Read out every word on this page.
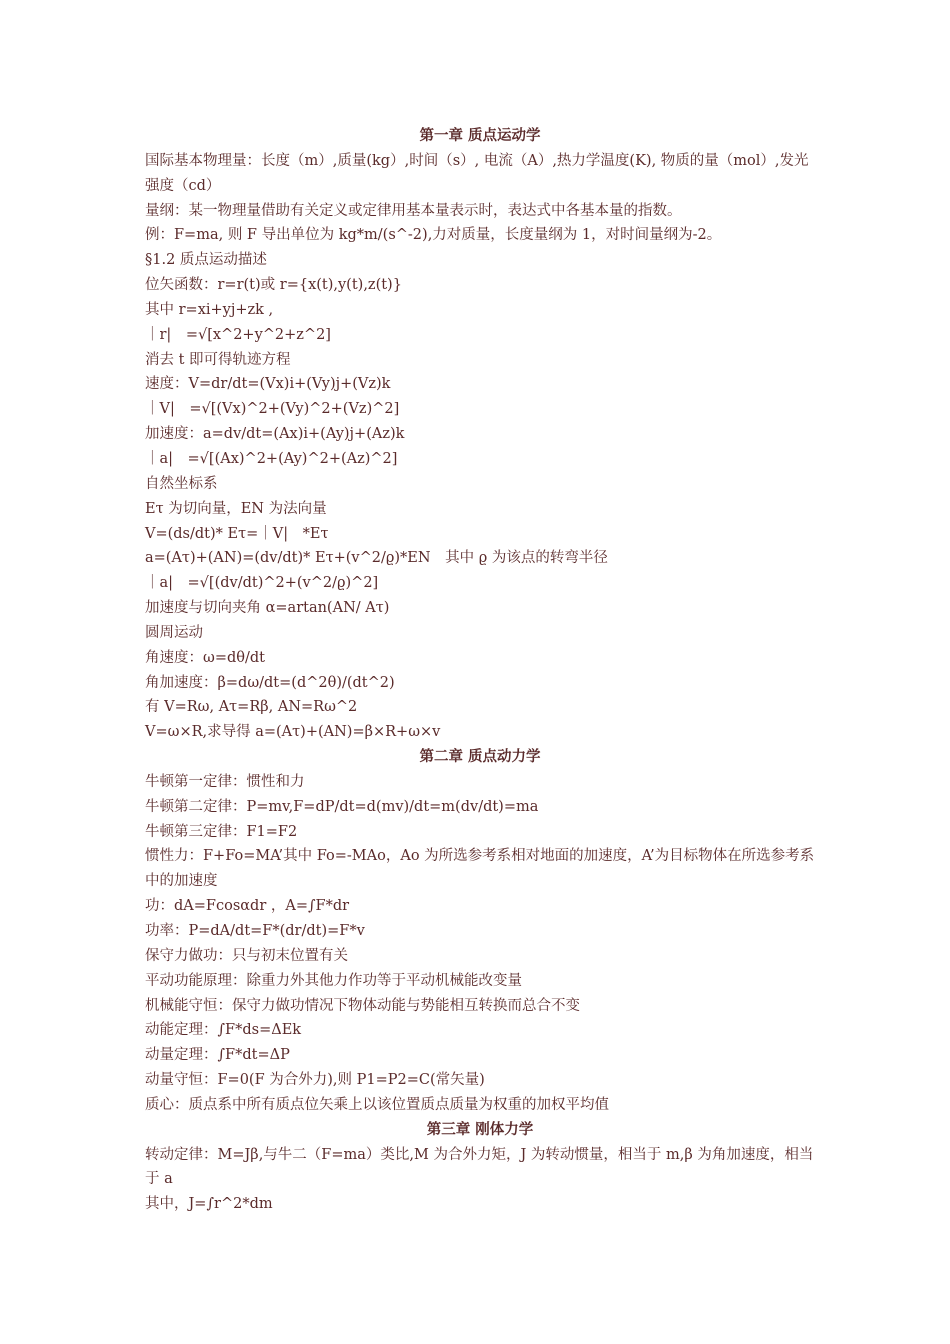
第一章 质点运动学
国际基本物理量：长度（m）,质量(kg）,时间（s）, 电流（A）,热力学温度(K), 物质的量（mol）,发光强度（cd）
量纲：某一物理量借助有关定义或定律用基本量表示时，表达式中各基本量的指数。
例：F=ma, 则 F 导出单位为 kg*m/(s^-2),力对质量，长度量纲为 1，对时间量纲为-2。
§1.2 质点运动描述
位矢函数：r=r(t)或 r={x(t),y(t),z(t)}
其中 r=xi+yj+zk ,
｜r|　=√[x^2+y^2+z^2]
消去 t 即可得轨迹方程
速度：V=dr/dt=(Vx)i+(Vy)j+(Vz)k
｜V|　=√[(Vx)^2+(Vy)^2+(Vz)^2]
加速度：a=dv/dt=(Ax)i+(Ay)j+(Az)k
｜a|　=√[(Ax)^2+(Ay)^2+(Az)^2]
自然坐标系
Eτ 为切向量，EN 为法向量
V=(ds/dt)* Eτ=｜V|　*Eτ
a=(Aτ)+(AN)=(dv/dt)* Eτ+(v^2/ϱ)*EN　其中 ϱ 为该点的转弯半径
｜a|　=√[(dv/dt)^2+(v^2/ϱ)^2]
加速度与切向夹角 α=artan(AN/ Aτ)
圆周运动
角速度：ω=dθ/dt
角加速度：β=dω/dt=(d^2θ)/(dt^2)
有 V=Rω, Aτ=Rβ, AN=Rω^2
V=ω×R,求导得 a=(Aτ)+(AN)=β×R+ω×v
第二章 质点动力学
牛顿第一定律：惯性和力
牛顿第二定律：P=mv,F=dP/dt=d(mv)/dt=m(dv/dt)=ma
牛顿第三定律：F1=F2
惯性力：F+Fo=MA’其中 Fo=-MAo，Ao 为所选参考系相对地面的加速度，A’为目标物体在所选参考系中的加速度
功：dA=Fcosαdr ，A=∫F*dr
功率：P=dA/dt=F*(dr/dt)=F*v
保守力做功：只与初末位置有关
平动功能原理：除重力外其他力作功等于平动机械能改变量
机械能守恒：保守力做功情况下物体动能与势能相互转换而总合不变
动能定理：∫F*ds=ΔEk
动量定理：∫F*dt=ΔP
动量守恒：F=0(F 为合外力),则 P1=P2=C(常矢量)
质心：质点系中所有质点位矢乘上以该位置质点质量为权重的加权平均值
第三章 刚体力学
转动定律：M=Jβ,与牛二（F=ma）类比,M 为合外力矩，J 为转动惯量，相当于 m,β 为角加速度，相当于 a
其中，J=∫r^2*dm
